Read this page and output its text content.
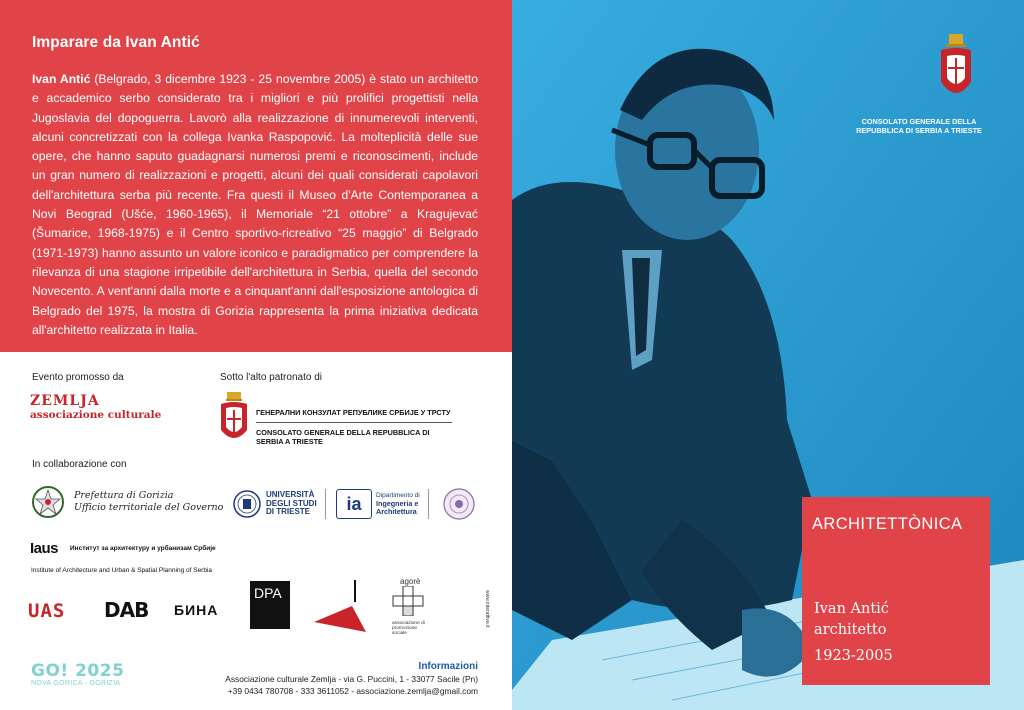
Imparare da Ivan Antić

Ivan Antić (Belgrado, 3 dicembre 1923 - 25 novembre 2005) è stato un architetto e accademico serbo considerato tra i migliori e più prolifici progettisti nella Jugoslavia del dopoguerra. Lavorò alla realizzazione di innumerevoli interventi, alcuni concretizzati con la collega Ivanka Raspopović. La molteplicità delle sue opere, che hanno saputo guadagnarsi numerosi premi e riconoscimenti, include un gran numero di realizzazioni e progetti, alcuni dei quali considerati capolavori dell'architettura serba più recente. Fra questi il Museo d'Arte Contemporanea a Novi Beograd (Ušće, 1960-1965), il Memoriale “21 ottobre” a Kragujevać (Šumarice, 1968-1975) e il Centro sportivo-ricreativo “25 maggio” di Belgrado (1971-1973) hanno assunto un valore iconico e paradigmatico per comprendere la rilevanza di una stagione irripetibile dell'architettura in Serbia, quella del secondo Novecento. A vent'anni dalla morte e a cinquant'anni dall'esposizione antologica di Belgrado del 1975, la mostra di Gorizia rappresenta la prima iniziativa dedicata all'architetto realizzata in Italia.

Evento promosso da
ZEMLJA
associazione culturale
Sotto l'alto patronato di
ГЕНЕРАЛНИ КОНЗУЛАТ РЕПУБЛИКЕ СРБИЈЕ У ТРСТУ
CONSOLATO GENERALE DELLA REPUBBLICA DI SERBIA A TRIESTE
In collaborazione con
Prefettura di Gorizia
Ufficio territoriale del Governo
UNIVERSITÀ
DEGLI STUDI
DI TRIESTE	ia	Dipartimento di
Ingegneria e
Architettura
Iaus	Институт за архитектуру и урбанизам Србије
Institute of Architecture and Urban & Spatial Planning of Serbia
UAS	DAB БИНА
DPA
agorè
associazione di promozione sociale
www.interattiva.it
GO! 2025
NOVA GORICA - GORIZIA
Informazioni
Associazione culturale Zemlja - via G. Puccini, 1 - 33077 Sacile (Pn)
+39 0434 780708 - 333 3611052 - associazione.zemlja@gmail.com
CONSOLATO GENERALE DELLA REPUBBLICA DI SERBIA A TRIESTE
ARCHITETTÒNICA
Ivan Antić
architetto
1923-2005
